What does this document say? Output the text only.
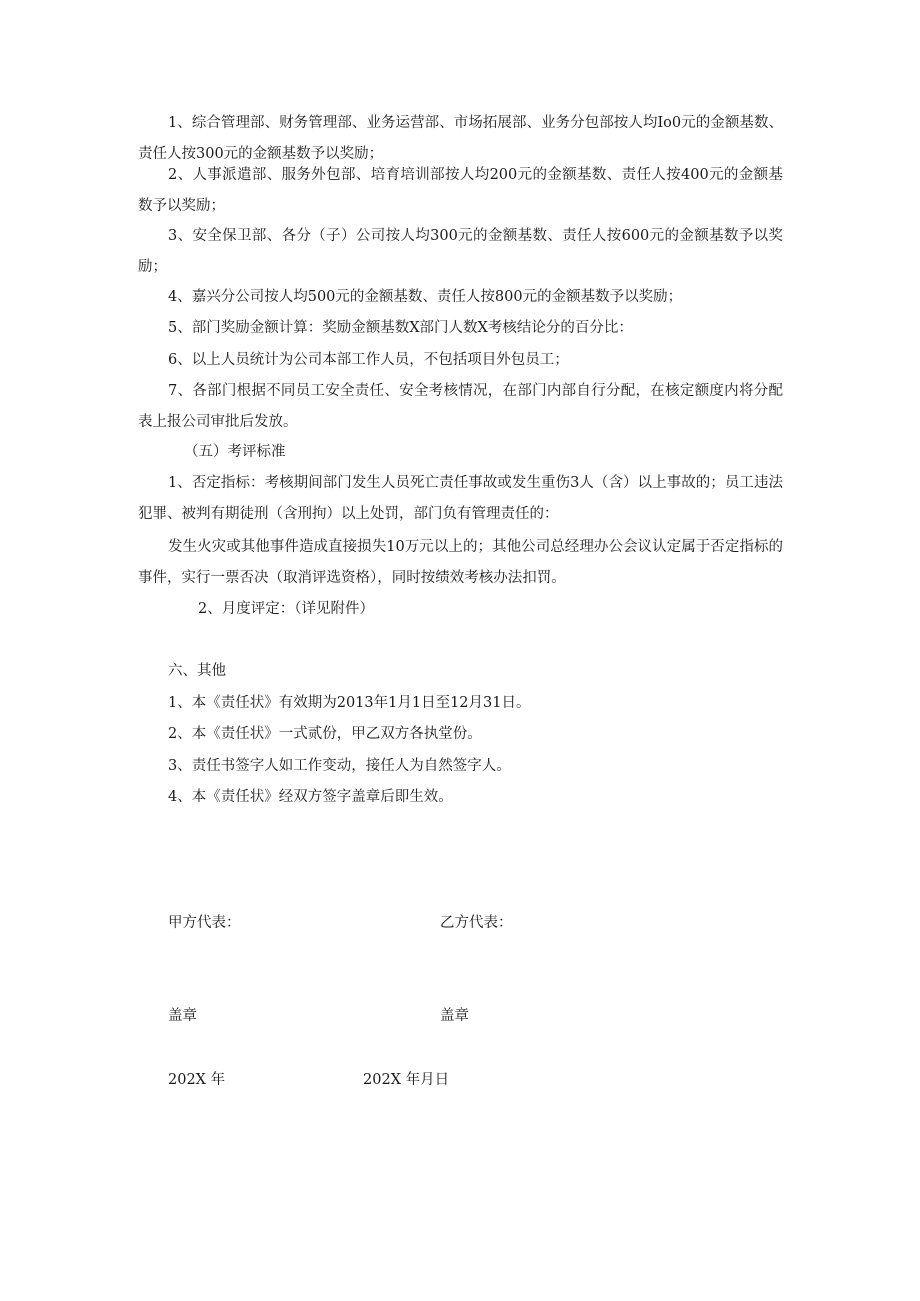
1、综合管理部、财务管理部、业务运营部、市场拓展部、业务分包部按人均Io0元的金额基数、责任人按300元的金额基数予以奖励；

2、人事派遣部、服务外包部、培育培训部按人均200元的金额基数、责任人按400元的金额基数予以奖励；

3、安全保卫部、各分（子）公司按人均300元的金额基数、责任人按600元的金额基数予以奖励；

4、嘉兴分公司按人均500元的金额基数、责任人按800元的金额基数予以奖励；

5、部门奖励金额计算：奖励金额基数X部门人数X考核结论分的百分比：

6、以上人员统计为公司本部工作人员，不包括项目外包员工；

7、各部门根据不同员工安全责任、安全考核情况，在部门内部自行分配，在核定额度内将分配表上报公司审批后发放。

（五）考评标准

1、否定指标：考核期间部门发生人员死亡责任事故或发生重伤3人（含）以上事故的；员工违法犯罪、被判有期徒刑（含刑拘）以上处罚，部门负有管理责任的：

发生火灾或其他事件造成直接损失10万元以上的；其他公司总经理办公会议认定属于否定指标的事件，实行一票否决（取消评选资格），同时按绩效考核办法扣罚。

2、月度评定：（详见附件）

六、其他

1、本《责任状》有效期为2013年1月1日至12月31日。

2、本《责任状》一式贰份，甲乙双方各执堂份。

3、责任书签字人如工作变动，接任人为自然签字人。

4、本《责任状》经双方签字盖章后即生效。

甲方代表：	乙方代表：

盖章	盖章

202X 年	202X 年月日
